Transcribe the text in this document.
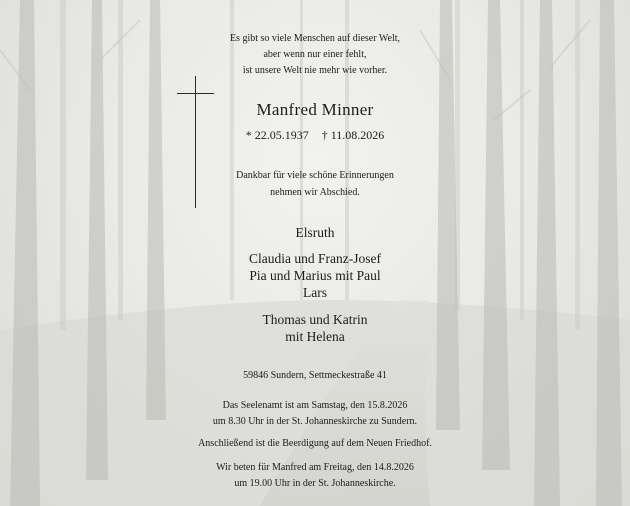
Es gibt so viele Menschen auf dieser Welt,
aber wenn nur einer fehlt,
ist unsere Welt nie mehr wie vorher.
Manfred Minner
* 22.05.1937 † 11.08.2026
Dankbar für viele schöne Erinnerungen
nehmen wir Abschied.
Elsruth
Claudia und Franz-Josef
Pia und Marius mit Paul
Lars
Thomas und Katrin
mit Helena
59846 Sundern, Settmeckestraße 41
Das Seelenamt ist am Samstag, den 15.8.2026
um 8.30 Uhr in der St. Johanneskirche zu Sundern.
Anschließend ist die Beerdigung auf dem Neuen Friedhof.
Wir beten für Manfred am Freitag, den 14.8.2026
um 19.00 Uhr in der St. Johanneskirche.
